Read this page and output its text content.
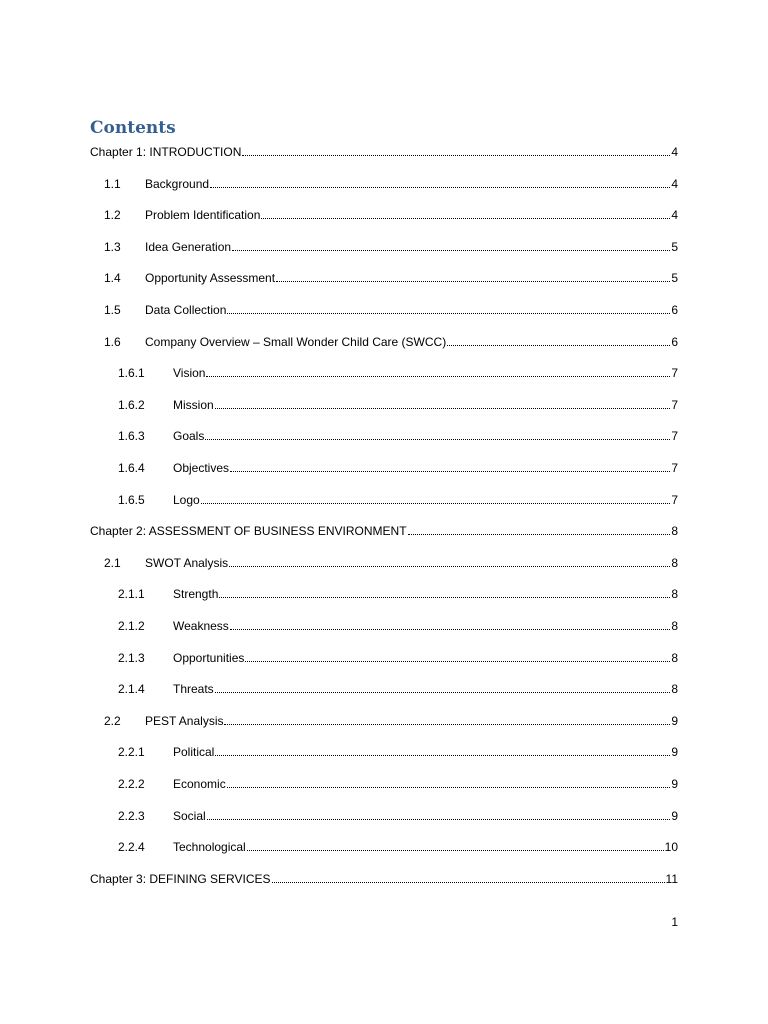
Contents
Chapter 1: INTRODUCTION	4
1.1	Background	4
1.2	Problem Identification	4
1.3	Idea Generation	5
1.4	Opportunity Assessment	5
1.5	Data Collection	6
1.6	Company Overview – Small Wonder Child Care (SWCC)	6
1.6.1	Vision	7
1.6.2	Mission	7
1.6.3	Goals	7
1.6.4	Objectives	7
1.6.5	Logo	7
Chapter 2: ASSESSMENT OF BUSINESS ENVIRONMENT	8
2.1	SWOT Analysis	8
2.1.1	Strength	8
2.1.2	Weakness	8
2.1.3	Opportunities	8
2.1.4	Threats	8
2.2	PEST Analysis	9
2.2.1	Political	9
2.2.2	Economic	9
2.2.3	Social	9
2.2.4	Technological	10
Chapter 3: DEFINING SERVICES	11
1
